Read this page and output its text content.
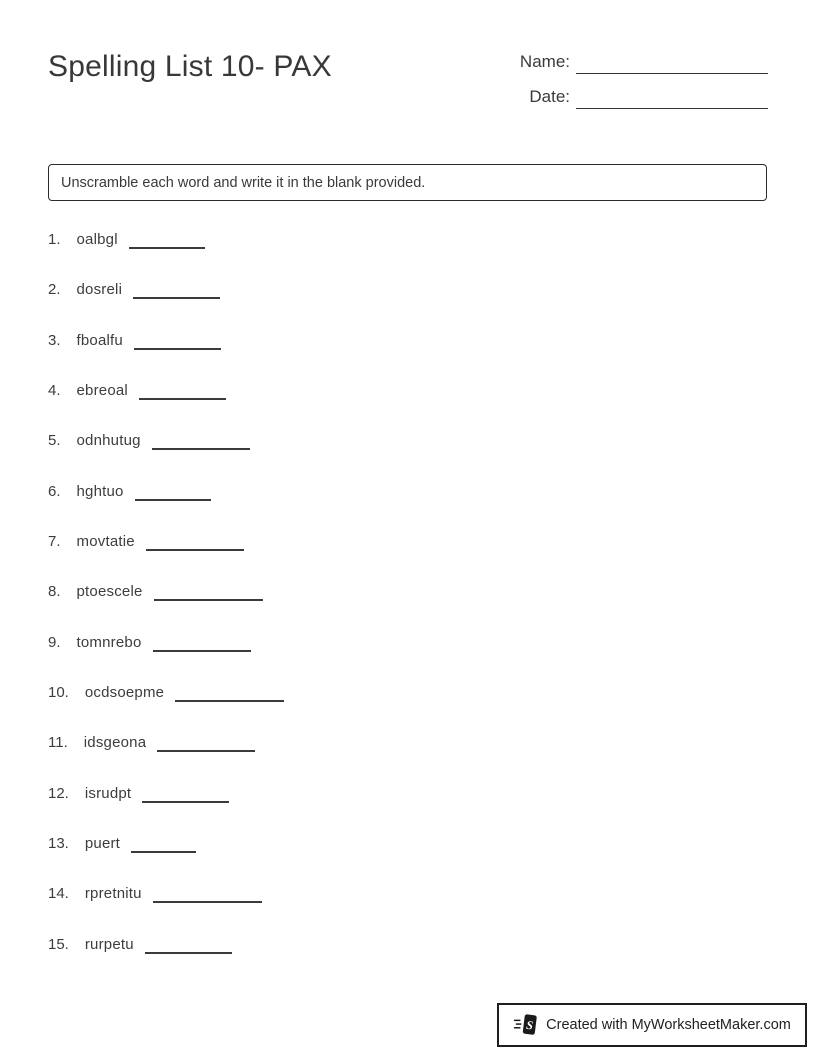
Spelling List 10- PAX	Name:
Date:
Unscramble each word and write it in the blank provided.
1. oalbgl
2. dosreli
3. fboalfu
4. ebreoal
5. odnhutug
6. hghtuo
7. movtatie
8. ptoescele
9. tomnrebo
10. ocdsoepme
11. idsgeona
12. isrudpt
13. puert
14. rpretnitu
15. rurpetu
S Created with MyWorksheetMaker.com
